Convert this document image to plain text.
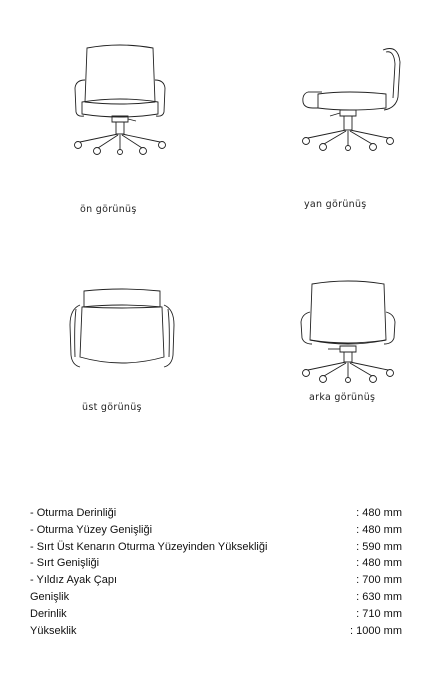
ön görünüş	yan görünüş
üst görünüş
arka görünüş
- Oturma Derinliği	: 480 mm
- Oturma Yüzey Genişliği	: 480 mm
- Sırt Üst Kenarın Oturma Yüzeyinden Yüksekliği	: 590 mm
- Sırt Genişliği	: 480 mm
- Yıldız Ayak Çapı	: 700 mm
Genişlik	: 630 mm
Derinlik	: 710 mm
Yükseklik	: 1000 mm
